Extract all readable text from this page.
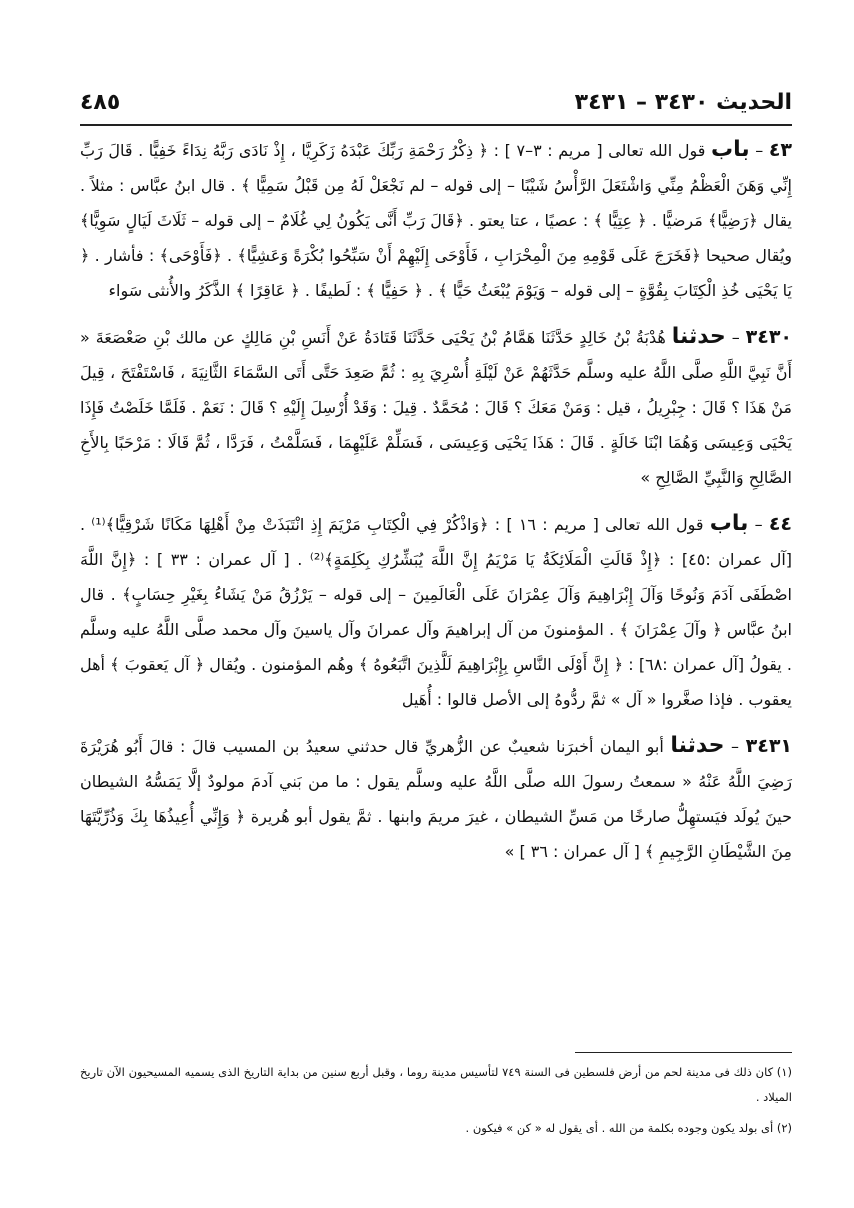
الحديث ٣٤٣٠ – ٣٤٣١
٤٨٥

٤٣ – باب قول الله تعالى [ مريم : ٣–٧ ] : ﴿ ذِكْرُ رَحْمَةِ رَبِّكَ عَبْدَهُ زَكَرِيَّا ، إِذْ نَادَى رَبَّهُ نِدَاءً خَفِيًّا . قَالَ رَبِّ إِنِّي وَهَنَ الْعَظْمُ مِنِّي وَاشْتَعَلَ الرَّأْسُ شَيْبًا – إلى قوله – لم نَجْعَلْ لَهُ مِن قَبْلُ سَمِيًّا ﴾ . قال ابنُ عبَّاس : مثلاً . يقال ﴿رَضِيًّا﴾ مَرضيًّا . ﴿ عِتِيًّا ﴾ : عصيًا ، عتا يعتو . ﴿قَالَ رَبِّ أَنَّى يَكُونُ لِي غُلَامٌ – إلى قوله – ثَلَاثَ لَيَالٍ سَوِيًّا﴾ ويُقال صحيحا ﴿فَخَرَجَ عَلَى قَوْمِهِ مِنَ الْمِحْرَابِ ، فَأَوْحَى إِلَيْهِمْ أَنْ سَبِّحُوا بُكْرَةً وَعَشِيًّا﴾ . ﴿فَأَوْحَى﴾ : فأشار . ﴿ يَا يَحْيَى خُذِ الْكِتَابَ بِقُوَّةٍ – إلى قوله – وَيَوْمَ يُبْعَثُ حَيًّا ﴾ . ﴿ حَفِيًّا ﴾ : لَطيفًا . ﴿ عَاقِرًا ﴾ الذَّكَرُ والأُنثى سَواء

٣٤٣٠ – حدثنا هُدْبَةُ بْنُ خَالِدٍ حَدَّثَنَا هَمَّامُ بْنُ يَحْيَى حَدَّثَنَا قَتَادَةُ عَنْ أَنَسِ بْنِ مَالِكٍ عن مالك بْنِ صَعْصَعَةَ « أَنَّ نَبِيَّ اللَّهِ صلَّى اللَّهُ عليه وسلَّم حَدَّثَهُمْ عَنْ لَيْلَةِ أُسْرِيَ بِهِ : ثُمَّ صَعِدَ حَتَّى أَتَى السَّمَاءَ الثَّانِيَةَ ، فَاسْتَفْتَحَ ، قِيلَ مَنْ هَذَا ؟ قَالَ : جِبْرِيلُ ، قيل : وَمَنْ مَعَكَ ؟ قَالَ : مُحَمَّدٌ . قِيلَ : وَقَدْ أُرْسِلَ إِلَيْهِ ؟ قَالَ : نَعَمْ . فَلَمَّا خَلَصْتُ فَإِذَا يَحْيَى وَعِيسَى وَهُمَا ابْنَا خَالَةٍ . قَالَ : هَذَا يَحْيَى وَعِيسَى ، فَسَلِّمْ عَلَيْهِمَا ، فَسَلَّمْتُ ، فَرَدَّا ، ثُمَّ قَالَا : مَرْحَبًا بِالأَخِ الصَّالِحِ وَالنَّبِيِّ الصَّالِحِ »

٤٤ – باب قول الله تعالى [ مريم : ١٦ ] : ﴿وَاذْكُرْ فِي الْكِتَابِ مَرْيَمَ إِذِ انْتَبَذَتْ مِنْ أَهْلِهَا مَكَانًا شَرْقِيًّا﴾⁽¹⁾ . [آل عمران :٤٥] : ﴿إِذْ قَالَتِ الْمَلَائِكَةُ يَا مَرْيَمُ إِنَّ اللَّهَ يُبَشِّرُكِ بِكَلِمَةٍ﴾⁽²⁾ . [ آل عمران : ٣٣ ] : ﴿إِنَّ اللَّهَ اصْطَفَى آدَمَ وَنُوحًا وَآلَ إِبْرَاهِيمَ وَآلَ عِمْرَانَ عَلَى الْعَالَمِينَ – إلى قوله – يَرْزُقُ مَنْ يَشَاءُ بِغَيْرِ حِسَابٍ﴾ . قال ابنُ عبَّاس ﴿ وآلَ عِمْرَانَ ﴾ . المؤمنونَ من آل إبراهيمَ وآل عمرانَ وآل ياسينَ وآل محمد صلَّى اللَّهُ عليه وسلَّم . يقولُ [آل عمران :٦٨] : ﴿ إِنَّ أَوْلَى النَّاسِ بِإِبْرَاهِيمَ لَلَّذِينَ اتَّبَعُوهُ ﴾ وهُم المؤمنون . ويُقال ﴿ آل يَعقوبَ ﴾ أهل يعقوب . فإذا صغَّروا « آل » ثمَّ ردُّوهُ إلى الأصل قالوا : أُهَيل

٣٤٣١ – حدثنا أبو اليمان أخبرَنا شعيبٌ عن الزُّهريِّ قال حدثني سعيدُ بن المسيب قالَ : قالَ أَبُو هُرَيْرَةَ رَضِيَ اللَّهُ عَنْهُ « سمعتُ رسولَ الله صلَّى اللَّهُ عليه وسلَّم يقول : ما من بَني آدمَ مولودٌ إلَّا يَمَسُّهُ الشيطان حينَ يُولَد فيَستهِلُّ صارخًا من مَسِّ الشيطان ، غيرَ مريمَ وابنها . ثمَّ يقول أبو هُريرة ﴿ وَإِنِّي أُعِيذُهَا بِكَ وَذُرِّيَّتَهَا مِنَ الشَّيْطَانِ الرَّجِيمِ ﴾ [ آل عمران : ٣٦ ] »

(١) كان ذلك فى مدينة لحم من أرض فلسطين فى السنة ٧٤٩ لتأسيس مدينة روما ، وقبل أربع سنين من بداية التاريخ الذى يسميه المسيحيون الآن تاريخ الميلاد .

(٢) أى بولد يكون وجوده بكلمة من الله . أى يقول له « كن » فيكون .
